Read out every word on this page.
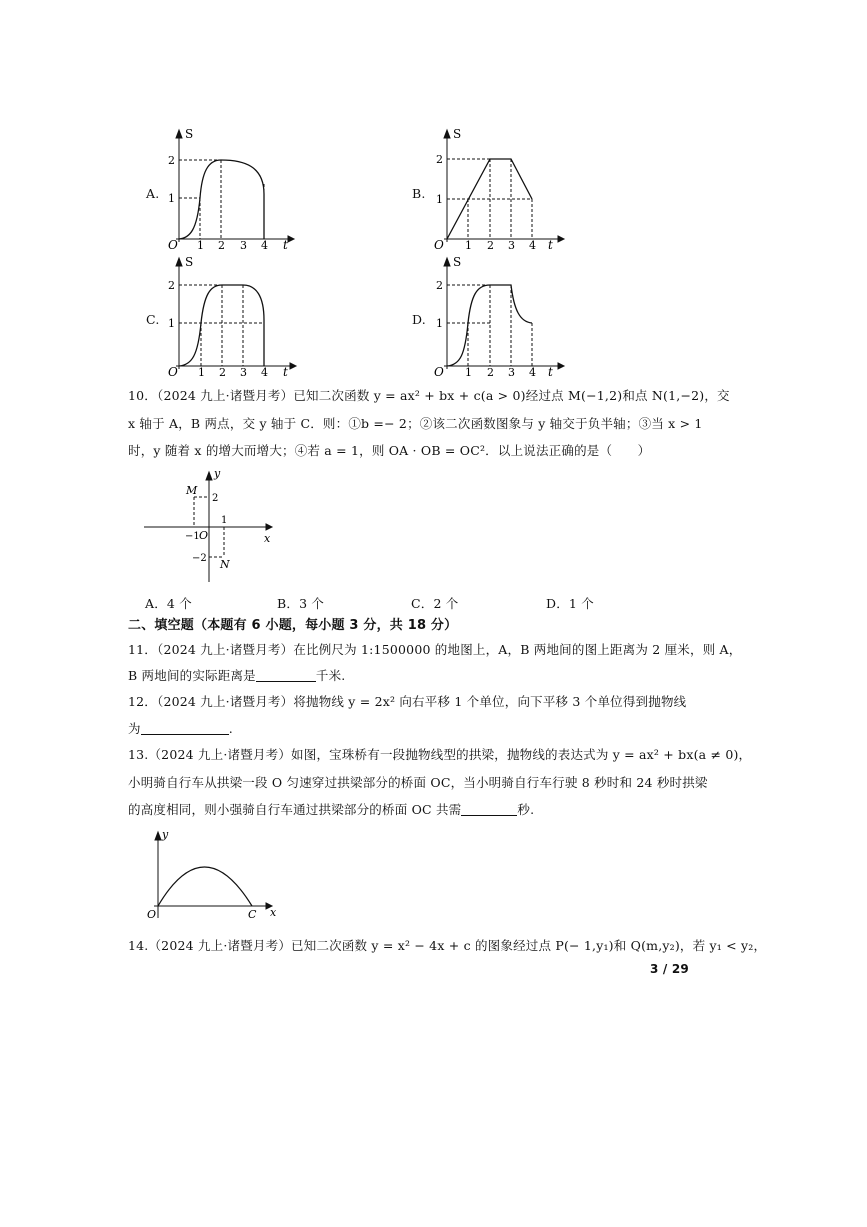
A.
S
2
1
O 1 2 3 4 t
B.
S
2
1
O 1 2 3 4 t
C.
S
2
1
O 1 2 3 4 t
D.
S
2
1
O 1 2 3 4 t
10．（2024 九上·诸暨月考）已知二次函数 y = ax² + bx + c(a > 0)经过点 M(−1,2)和点 N(1,−2)，交
x 轴于 A，B 两点，交 y 轴于 C．则：①b =− 2；②该二次函数图象与 y 轴交于负半轴；③当 x > 1
时，y 随着 x 的增大而增大；④若 a = 1，则 OA · OB = OC²．以上说法正确的是（　　）
y
M
2
1
−1 O	x
−2 N
A．4 个	B．3 个	C．2 个	D．1 个
二、填空题（本题有 6 小题，每小题 3 分，共 18 分）
11．（2024 九上·诸暨月考）在比例尺为 1:1500000 的地图上，A，B 两地间的图上距离为 2 厘米，则 A，
B 两地间的实际距离是	千米.
12．（2024 九上·诸暨月考）将抛物线 y = 2x² 向右平移 1 个单位，向下平移 3 个单位得到抛物线
为	.
13.（2024 九上·诸暨月考）如图，宝珠桥有一段抛物线型的拱梁，抛物线的表达式为 y = ax² + bx(a ≠ 0)，
小明骑自行车从拱梁一段 O 匀速穿过拱梁部分的桥面 OC，当小明骑自行车行驶 8 秒时和 24 秒时拱梁
的高度相同，则小强骑自行车通过拱梁部分的桥面 OC 共需	秒.
y
O	C x
14.（2024 九上·诸暨月考）已知二次函数 y = x² − 4x + c 的图象经过点 P(− 1,y₁)和 Q(m,y₂)，若 y₁ < y₂，
3 / 29
